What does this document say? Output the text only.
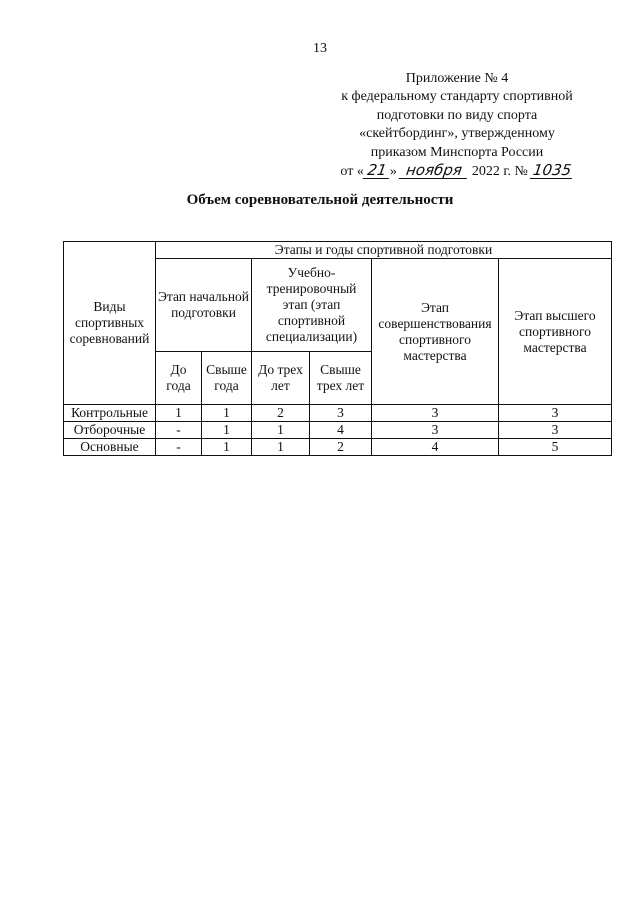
13
Приложение № 4
к федеральному стандарту спортивной
подготовки по виду спорта
«скейтбординг», утвержденному
приказом Минспорта России
от « 21 » ноября 2022 г. № 1035
Объем соревновательной деятельности
Виды спортивных соревнований	Этапы и годы спортивной подготовки					
	Этап начальной подготовки		Учебно-тренировочный этап (этап спортивной специализации)		Этап совершенствования спортивного мастерства	Этап высшего спортивного мастерства
	До года	Свыше года	До трех лет	Свыше трех лет		
Контрольные	1	1	2	3	3	3
Отборочные	-	1	1	4	3	3
Основные	-	1	1	2	4	5
